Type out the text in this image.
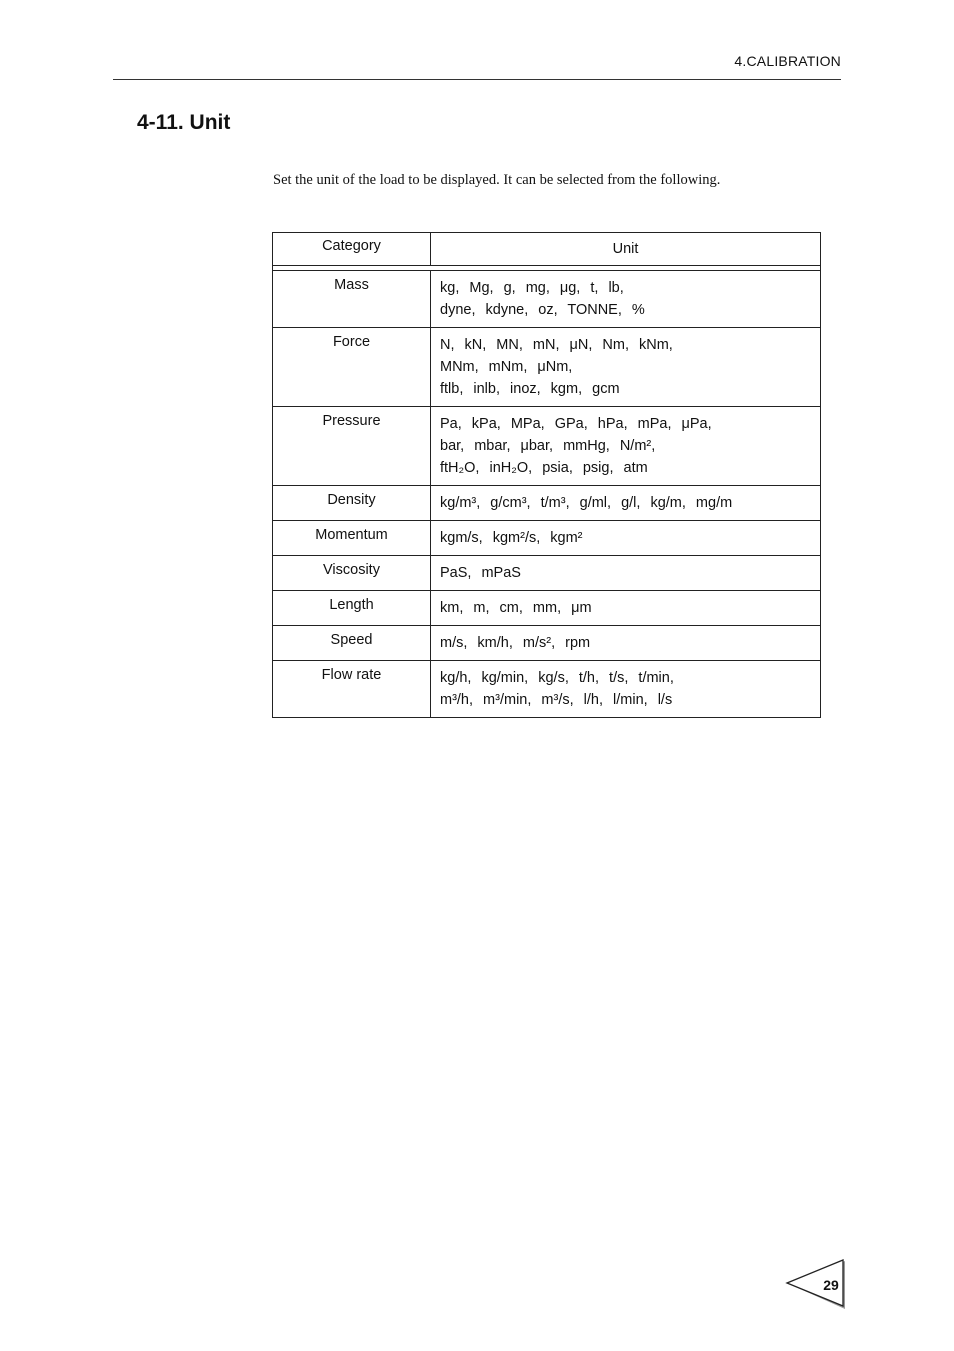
4.CALIBRATION
4-11. Unit
Set the unit of the load to be displayed. It can be selected from the following.
Category	Unit
Mass	kg, Mg, g, mg, μg, t, lb,
dyne, kdyne, oz, TONNE, %
Force	N, kN, MN, mN, μN, Nm, kNm,
MNm, mNm, μNm,
ftlb, inlb, inoz, kgm, gcm
Pressure	Pa, kPa, MPa, GPa, hPa, mPa, μPa,
bar, mbar, μbar, mmHg, N/m²,
ftH₂O, inH₂O, psia, psig, atm
Density	kg/m³, g/cm³, t/m³, g/ml, g/l, kg/m, mg/m
Momentum	kgm/s, kgm²/s, kgm²
Viscosity	PaS, mPaS
Length	km, m, cm, mm, μm
Speed	m/s, km/h, m/s², rpm
Flow rate	kg/h, kg/min, kg/s, t/h, t/s, t/min,
m³/h, m³/min, m³/s, l/h, l/min, l/s
29
